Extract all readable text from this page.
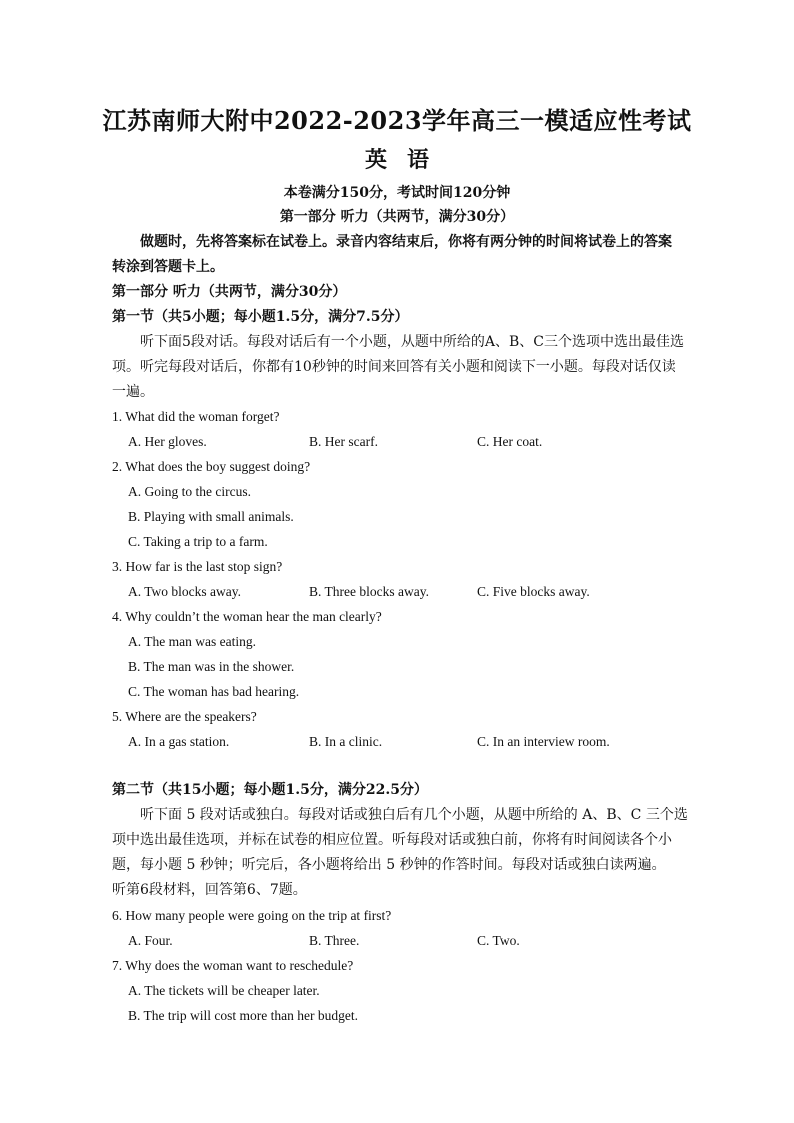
江苏南师大附中2022-2023学年高三一模适应性考试
英语
本卷满分150分，考试时间120分钟
第一部分 听力（共两节，满分30分）
做题时，先将答案标在试卷上。录音内容结束后，你将有两分钟的时间将试卷上的答案
转涂到答题卡上。
第一部分 听力（共两节，满分30分）
第一节（共5小题；每小题1.5分，满分7.5分）
听下面5段对话。每段对话后有一个小题，从题中所给的A、B、C三个选项中选出最佳选
项。听完每段对话后，你都有10秒钟的时间来回答有关小题和阅读下一小题。每段对话仅读
一遍。
1. What did the woman forget?
A. Her gloves.	B. Her scarf.	C. Her coat.
2. What does the boy suggest doing?
A. Going to the circus.
B. Playing with small animals.
C. Taking a trip to a farm.
3. How far is the last stop sign?
A. Two blocks away.	B. Three blocks away.	C. Five blocks away.
4. Why couldn’t the woman hear the man clearly?
A. The man was eating.
B. The man was in the shower.
C. The woman has bad hearing.
5. Where are the speakers?
A. In a gas station.	B. In a clinic.	C. In an interview room.
第二节（共15小题；每小题1.5分，满分22.5分）
听下面 5 段对话或独白。每段对话或独白后有几个小题，从题中所给的 A、B、C 三个选
项中选出最佳选项，并标在试卷的相应位置。听每段对话或独白前，你将有时间阅读各个小
题，每小题 5 秒钟；听完后，各小题将给出 5 秒钟的作答时间。每段对话或独白读两遍。
听第6段材料，回答第6、7题。
6. How many people were going on the trip at first?
A. Four.	B. Three.	C. Two.
7. Why does the woman want to reschedule?
A. The tickets will be cheaper later.
B. The trip will cost more than her budget.
